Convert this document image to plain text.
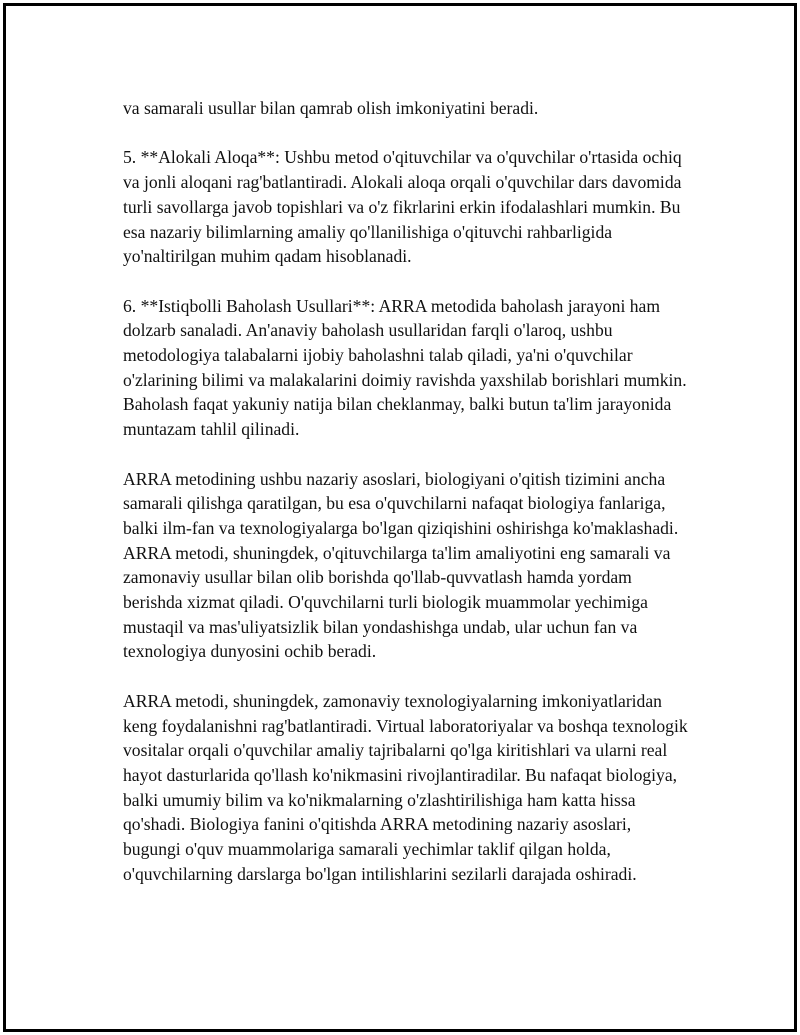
va samarali usullar bilan qamrab olish imkoniyatini beradi.

5. **Alokali Aloqa**: Ushbu metod o'qituvchilar va o'quvchilar o'rtasida ochiq va jonli aloqani rag'batlantiradi. Alokali aloqa orqali o'quvchilar dars davomida turli savollarga javob topishlari va o'z fikrlarini erkin ifodalashlari mumkin. Bu esa nazariy bilimlarning amaliy qo'llanilishiga o'qituvchi rahbarligida yo'naltirilgan muhim qadam hisoblanadi.

6. **Istiqbolli Baholash Usullari**: ARRA metodida baholash jarayoni ham dolzarb sanaladi. An'anaviy baholash usullaridan farqli o'laroq, ushbu metodologiya talabalarni ijobiy baholashni talab qiladi, ya'ni o'quvchilar o'zlarining bilimi va malakalarini doimiy ravishda yaxshilab borishlari mumkin. Baholash faqat yakuniy natija bilan cheklanmay, balki butun ta'lim jarayonida muntazam tahlil qilinadi.

ARRA metodining ushbu nazariy asoslari, biologiyani o'qitish tizimini ancha samarali qilishga qaratilgan, bu esa o'quvchilarni nafaqat biologiya fanlariga, balki ilm-fan va texnologiyalarga bo'lgan qiziqishini oshirishga ko'maklashadi. ARRA metodi, shuningdek, o'qituvchilarga ta'lim amaliyotini eng samarali va zamonaviy usullar bilan olib borishda qo'llab-quvvatlash hamda yordam berishda xizmat qiladi. O'quvchilarni turli biologik muammolar yechimiga mustaqil va mas'uliyatsizlik bilan yondashishga undab, ular uchun fan va texnologiya dunyosini ochib beradi.

ARRA metodi, shuningdek, zamonaviy texnologiyalarning imkoniyatlaridan keng foydalanishni rag'batlantiradi. Virtual laboratoriyalar va boshqa texnologik vositalar orqali o'quvchilar amaliy tajribalarni qo'lga kiritishlari va ularni real hayot dasturlarida qo'llash ko'nikmasini rivojlantiradilar. Bu nafaqat biologiya, balki umumiy bilim va ko'nikmalarning o'zlashtirilishiga ham katta hissa qo'shadi. Biologiya fanini o'qitishda ARRA metodining nazariy asoslari, bugungi o'quv muammolariga samarali yechimlar taklif qilgan holda, o'quvchilarning darslarga bo'lgan intilishlarini sezilarli darajada oshiradi.
